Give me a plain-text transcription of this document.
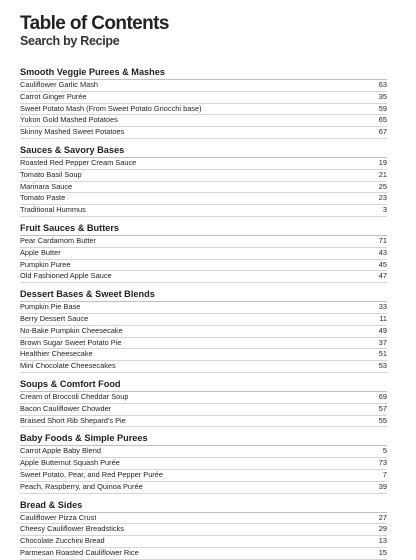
Table of Contents
Search by Recipe
Smooth Veggie Purees & Mashes
Cauliflower Garlic Mash	63
Carrot Ginger Purée	35
Sweet Potato Mash (From Sweet Potato Gnocchi base)	59
Yukon Gold Mashed Potatoes	65
Skinny Mashed Sweet Potatoes	67
Sauces & Savory Bases
Roasted Red Pepper Cream Sauce	19
Tomato Basil Soup	21
Marinara Sauce	25
Tomato Paste	23
Traditional Hummus	3
Fruit Sauces & Butters
Pear Cardamom Butter	71
Apple Butter	43
Pumpkin Puree	45
Old Fashioned Apple Sauce	47
Dessert Bases & Sweet Blends
Pumpkin Pie Base	33
Berry Dessert Sauce	11
No-Bake Pumpkin Cheesecake	49
Brown Sugar Sweet Potato Pie	37
Healthier Cheesecake	51
Mini Chocolate Cheesecakes	53
Soups & Comfort Food
Cream of Broccoli Cheddar Soup	69
Bacon Cauliflower Chowder	57
Braised Short Rib Shepard's Pie	55
Baby Foods & Simple Purees
Carrot Apple Baby Blend	5
Apple Butternut Squash Purée	73
Sweet Potato, Pear, and Red Pepper Purée	7
Peach, Raspberry, and Quinoa Purée	39
Bread & Sides
Cauliflower Pizza Crust	27
Cheesy Cauliflower Breadsticks	29
Chocolate Zucchini Bread	13
Parmesan Roasted Cauliflower Rice	15
